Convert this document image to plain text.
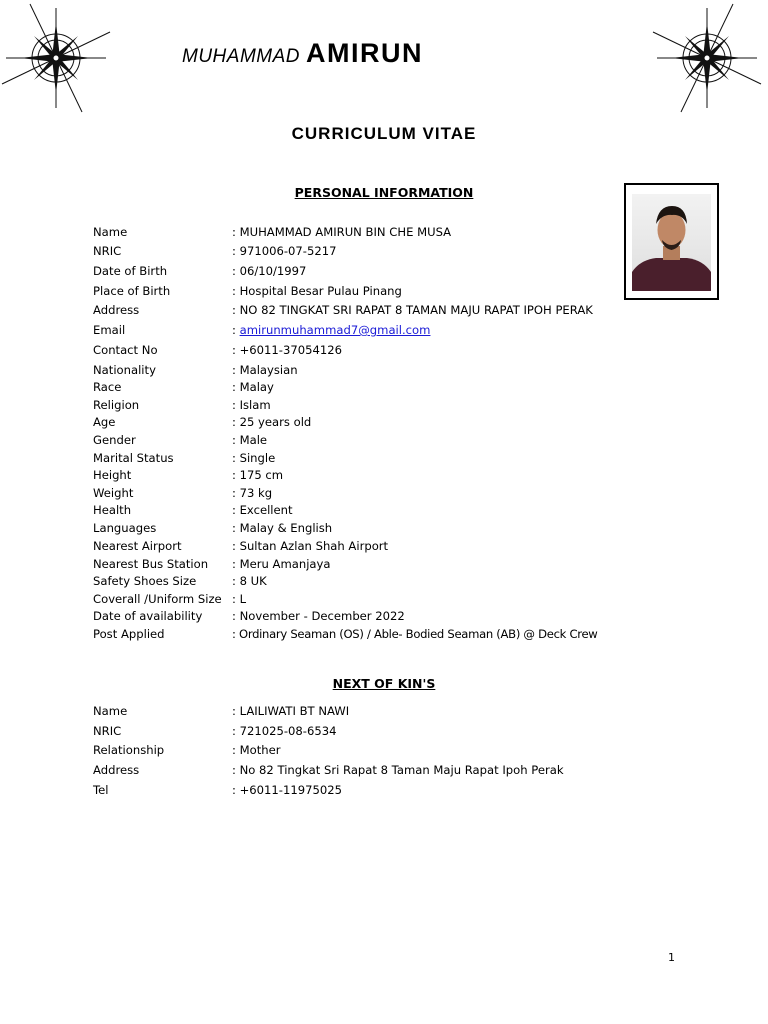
MUHAMMAD AMIRUN
CURRICULUM VITAE
PERSONAL INFORMATION
Name	: MUHAMMAD AMIRUN BIN CHE MUSA
NRIC	: 971006-07-5217
Date of Birth	: 06/10/1997
Place of Birth	: Hospital Besar Pulau Pinang
Address	: NO 82 TINGKAT SRI RAPAT 8 TAMAN MAJU RAPAT IPOH PERAK
Email	: amirunmuhammad7@gmail.com
Contact No	: +6011-37054126
Nationality	: Malaysian
Race	: Malay
Religion	: Islam
Age	: 25 years old
Gender	: Male
Marital Status	: Single
Height	: 175 cm
Weight	: 73 kg
Health	: Excellent
Languages	: Malay & English
Nearest Airport	: Sultan Azlan Shah Airport
Nearest Bus Station : Meru Amanjaya
Safety Shoes Size	: 8 UK
Coverall /Uniform Size : L
Date of availability	: November - December 2022
Post Applied	: Ordinary Seaman (OS) / Able- Bodied Seaman (AB) @ Deck Crew
NEXT OF KIN'S
Name	: LAILIWATI BT NAWI
NRIC	: 721025-08-6534
Relationship	: Mother
Address	: No 82 Tingkat Sri Rapat 8 Taman Maju Rapat Ipoh Perak
Tel	: +6011-11975025
1
